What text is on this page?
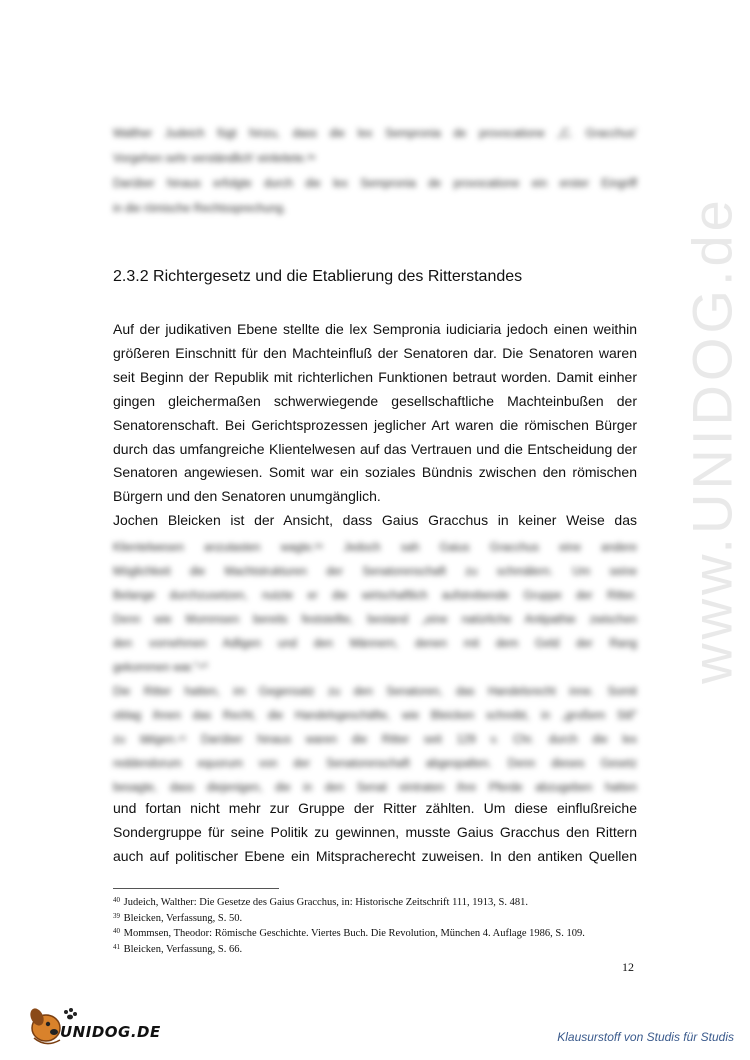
www.UNIDOG.de
Walther Judeich fügt hinzu, dass die lex Sempronia de provocatione „C. Gracchus'
Vorgehen sehr verständlich' einleitete.³⁸
Darüber hinaus erfolgte durch die lex Sempronia de provocatione ein erster Eingriff
in die römische Rechtssprechung.
2.3.2 Richtergesetz und die Etablierung des Ritterstandes
Auf der judikativen Ebene stellte die lex Sempronia iudiciaria jedoch einen weithin
größeren Einschnitt für den Machteinfluß der Senatoren dar. Die Senatoren waren
seit Beginn der Republik mit richterlichen Funktionen betraut worden. Damit einher
gingen gleichermaßen schwerwiegende gesellschaftliche Machteinbußen der
Senatorenschaft. Bei Gerichtsprozessen jeglicher Art waren die römischen Bürger
durch das umfangreiche Klientelwesen auf das Vertrauen und die Entscheidung der
Senatoren angewiesen. Somit war ein soziales Bündnis zwischen den römischen
Bürgern und den Senatoren unumgänglich.
Jochen Bleicken ist der Ansicht, dass Gaius Gracchus in keiner Weise das
Klientelwesen anzutasten wagte.³⁹ Jedoch sah Gaius Gracchus eine andere
Möglichkeit die Machtstrukturen der Senatorenschaft zu schmälern. Um seine
Belange durchzusetzen, nutzte er die wirtschaftlich aufstrebende Gruppe der Ritter.
Denn wie Mommsen bereits feststellte, bestand „eine natürliche Antipathie zwischen
den vornehmen Adligen und den Männern, denen mit dem Geld der Rang
gekommen war."⁴⁰
Die Ritter hatten, im Gegensatz zu den Senatoren, das Handelsrecht inne. Somit
oblag ihnen das Recht, die Handelsgeschäfte, wie Bleicken schreibt, in „großem Stil"
zu tätigen.⁴¹ Darüber hinaus waren die Ritter seit 129 v. Chr. durch die lex
reddendorum equorum von der Senatorenschaft abgespalten. Denn dieses Gesetz
besagte, dass diejenigen, die in den Senat eintraten ihre Pferde abzugeben hatten
und fortan nicht mehr zur Gruppe der Ritter zählten. Um diese einflußreiche
Sondergruppe für seine Politik zu gewinnen, musste Gaius Gracchus den Rittern
auch auf politischer Ebene ein Mitspracherecht zuweisen. In den antiken Quellen
$^{40}$ Judeich, Walther: Die Gesetze des Gaius Gracchus, in: Historische Zeitschrift 111, 1913, S. 481.
$^{39}$ Bleicken, Verfassung, S. 50.
$^{40}$ Mommsen, Theodor: Römische Geschichte. Viertes Buch. Die Revolution, München 4. Auflage 1986, S. 109.
$^{41}$ Bleicken, Verfassung, S. 66.
12
UNIDOG.DE	Klausurstoff von Studis für Studis
